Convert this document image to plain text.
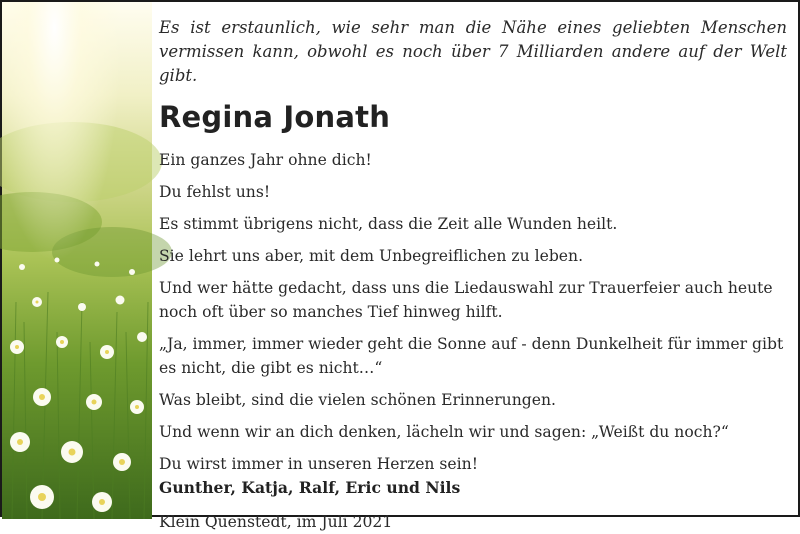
Es ist erstaunlich, wie sehr man die Nähe eines geliebten Menschen vermissen kann, obwohl es noch über 7 Milliarden andere auf der Welt gibt.

Regina Jonath

Ein ganzes Jahr ohne dich!

Du fehlst uns!

Es stimmt übrigens nicht, dass die Zeit alle Wunden heilt.

Sie lehrt uns aber, mit dem Unbegreiflichen zu leben.

Und wer hätte gedacht, dass uns die Liedauswahl zur Trauerfeier auch heute noch oft über so manches Tief hinweg hilft.

„Ja, immer, immer wieder geht die Sonne auf - denn Dunkelheit für immer gibt es nicht, die gibt es nicht…“

Was bleibt, sind die vielen schönen Erinnerungen.

Und wenn wir an dich denken, lächeln wir und sagen: „Weißt du noch?“

Du wirst immer in unseren Herzen sein!

Gunther, Katja, Ralf, Eric und Nils

Klein Quenstedt, im Juli 2021
